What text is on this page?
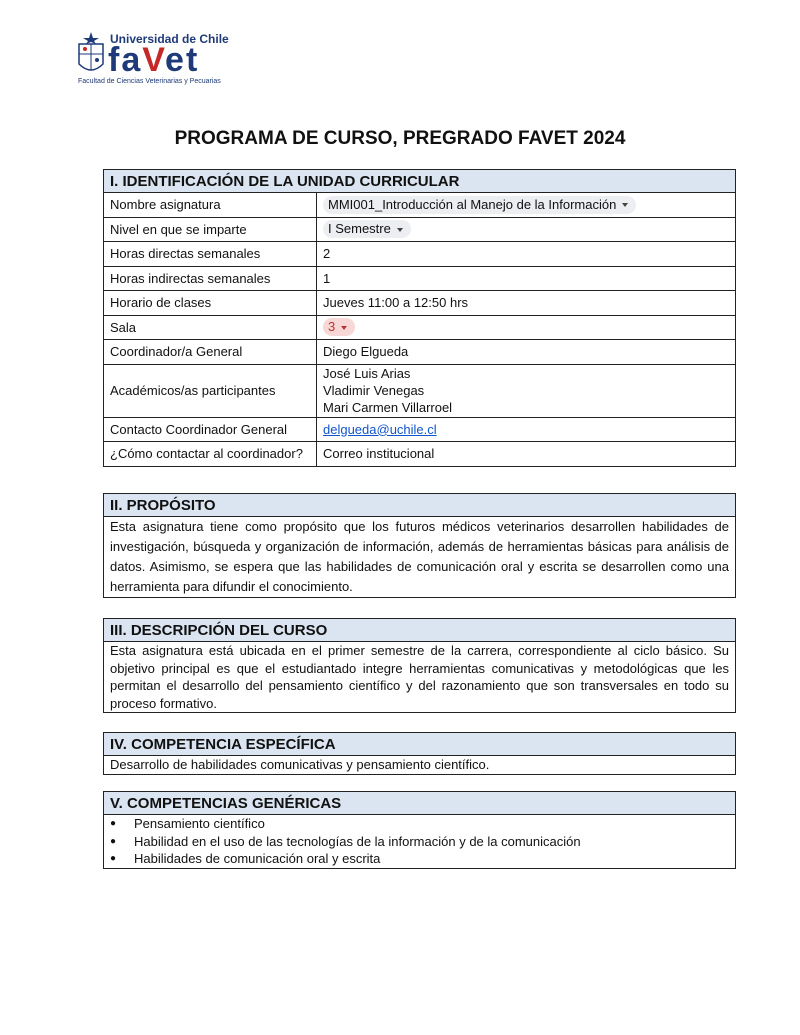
Universidad de Chile
faVet
Facultad de Ciencias Veterinarias y Pecuarias
PROGRAMA DE CURSO, PREGRADO FAVET 2024
I. IDENTIFICACIÓN DE LA UNIDAD CURRICULAR	
Nombre asignatura	MMI001_Introducción al Manejo de la Información
Nivel en que se imparte	I Semestre
Horas directas semanales	2
Horas indirectas semanales	1
Horario de clases	Jueves 11:00 a 12:50 hrs
Sala	3
Coordinador/a General	Diego Elgueda
Académicos/as participantes	José Luis Arias
Vladimir Venegas
Mari Carmen Villarroel

Contacto Coordinador General	delgueda@uchile.cl
¿Cómo contactar al coordinador?	Correo institucional
II. PROPÓSITO
Esta asignatura tiene como propósito que los futuros médicos veterinarios desarrollen habilidades de investigación, búsqueda y organización de información, además de herramientas básicas para análisis de datos. Asimismo, se espera que las habilidades de comunicación oral y escrita se desarrollen como una herramienta para difundir el conocimiento.
III. DESCRIPCIÓN DEL CURSO
Esta asignatura está ubicada en el primer semestre de la carrera, correspondiente al ciclo básico. Su objetivo principal es que el estudiantado integre herramientas comunicativas y metodológicas que les permitan el desarrollo del pensamiento científico y del razonamiento que son transversales en todo su proceso formativo.
IV. COMPETENCIA ESPECÍFICA
Desarrollo de habilidades comunicativas y pensamiento científico.
V. COMPETENCIAS GENÉRICAS

● Pensamiento científico
● Habilidad en el uso de las tecnologías de la información y de la comunicación
● Habilidades de comunicación oral y escrita
